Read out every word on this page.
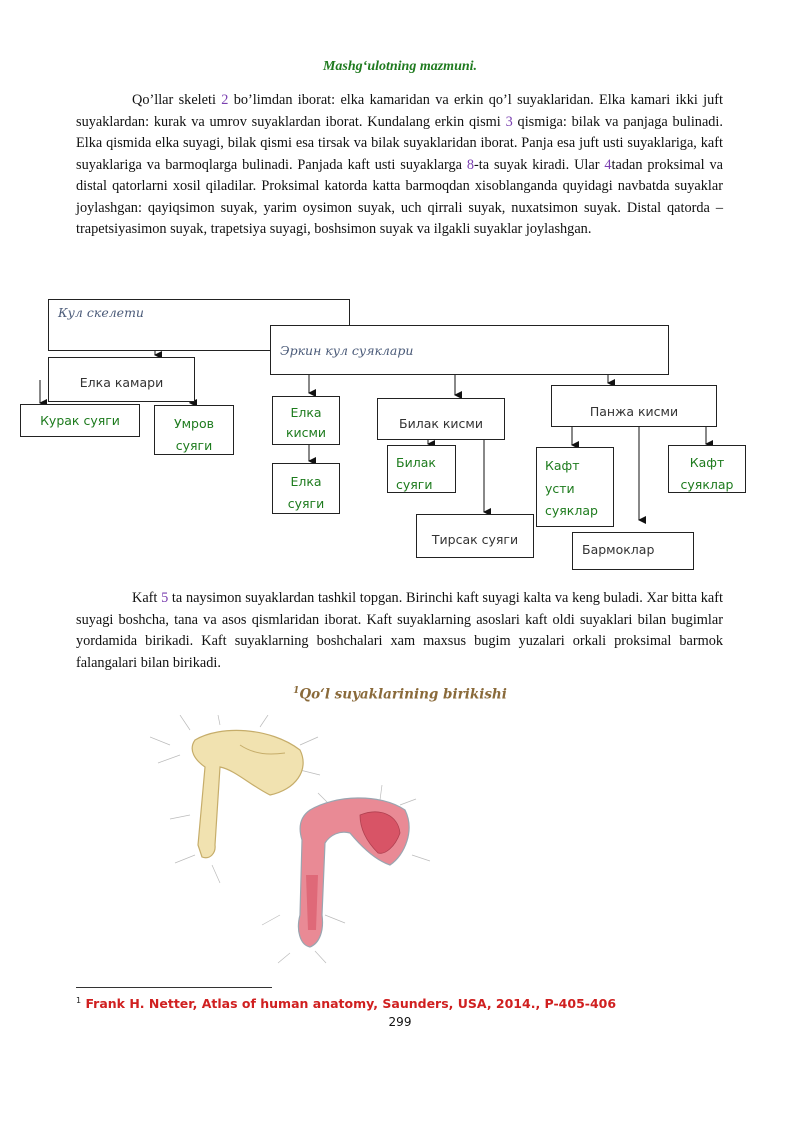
Mashg‘ulotning mazmuni.

Qo’llar skeleti 2 bo’limdan iborat: elka kamaridan va erkin qo’l suyaklaridan. Elka kamari ikki juft suyaklardan: kurak va umrov suyaklardan iborat. Kundalang erkin qismi 3 qismiga: bilak va panjaga bulinadi. Elka qismida elka suyagi, bilak qismi esa tirsak va bilak suyaklaridan iborat. Panja esa juft usti suyaklariga, kaft suyaklariga va barmoqlarga bulinadi. Panjada kaft usti suyaklarga 8-ta suyak kiradi. Ular 4tadan proksimal va distal qatorlarni xosil qiladilar. Proksimal katorda katta barmoqdan xisoblanganda quyidagi navbatda suyaklar joylashgan: qayiqsimon suyak, yarim oysimon suyak, uch qirrali suyak, nuxatsimon suyak. Distal qatorda – trapetsiyasimon suyak, trapetsiya suyagi, boshsimon suyak va ilgakli suyaklar joylashgan.

Кул скелети
Эркин кул суяклари
Елка камари
Курак суяги	Умров
суяги
Елка
кисми
Елка
суяги
Билак кисми
Билак
суяги
Тирсак суяги
Панжа кисми
Кафт
усти
суяклар
Кафт
суяклар
Бармоклар

Kaft 5 ta naysimon suyaklardan tashkil topgan. Birinchi kaft suyagi kalta va keng buladi. Xar bitta kaft suyagi boshcha, tana va asos qismlaridan iborat. Kaft suyaklarning asoslari kaft oldi suyaklari bilan bugimlar yordamida birikadi. Kaft suyaklarning boshchalari xam maxsus bugim yuzalari orkali proksimal barmok falangalari bilan birikadi.

$^1$Qo‘l suyaklarining birikishi
$^1$ Frank H. Netter, Atlas of human anatomy, Saunders, USA, 2014., P-405-406
299
